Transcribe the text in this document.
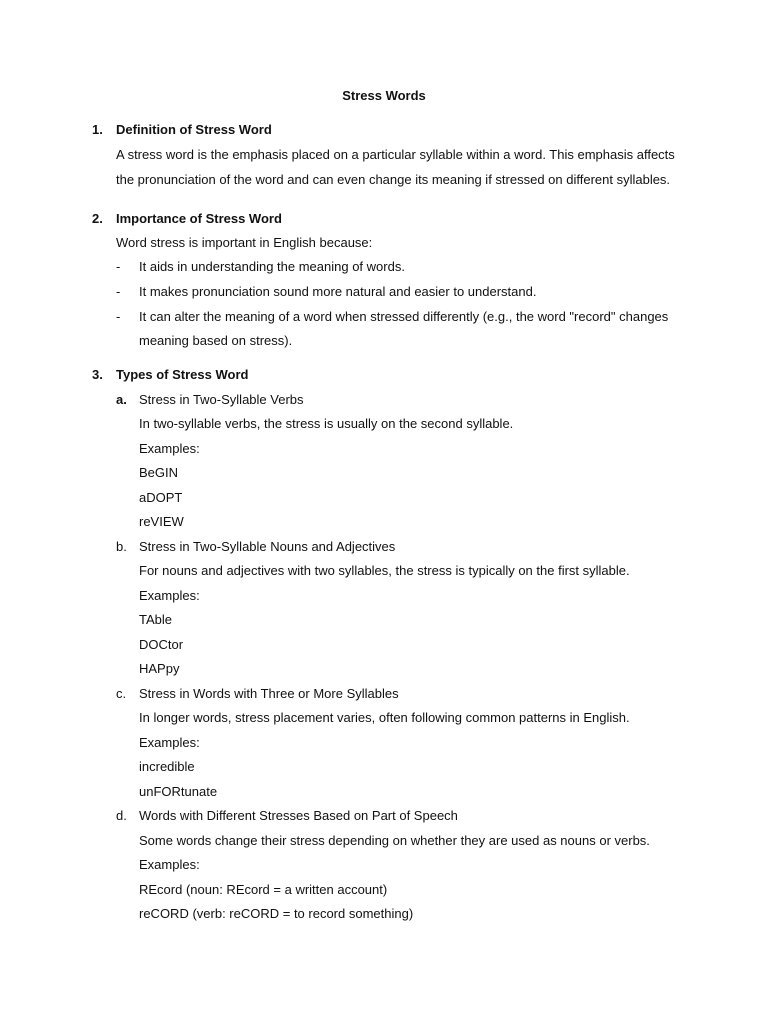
Stress Words
1. Definition of Stress Word
A stress word is the emphasis placed on a particular syllable within a word. This emphasis affects
the pronunciation of the word and can even change its meaning if stressed on different syllables.
2. Importance of Stress Word
Word stress is important in English because:
- It aids in understanding the meaning of words.
- It makes pronunciation sound more natural and easier to understand.
- It can alter the meaning of a word when stressed differently (e.g., the word "record" changes
meaning based on stress).
3. Types of Stress Word
a. Stress in Two-Syllable Verbs
In two-syllable verbs, the stress is usually on the second syllable.
Examples:
BeGIN
aDOPT
reVIEW
b. Stress in Two-Syllable Nouns and Adjectives
For nouns and adjectives with two syllables, the stress is typically on the first syllable.
Examples:
TAble
DOCtor
HAPpy
c. Stress in Words with Three or More Syllables
In longer words, stress placement varies, often following common patterns in English.
Examples:
incredible
unFORtunate
d. Words with Different Stresses Based on Part of Speech
Some words change their stress depending on whether they are used as nouns or verbs.
Examples:
REcord (noun: REcord = a written account)
reCORD (verb: reCORD = to record something)
